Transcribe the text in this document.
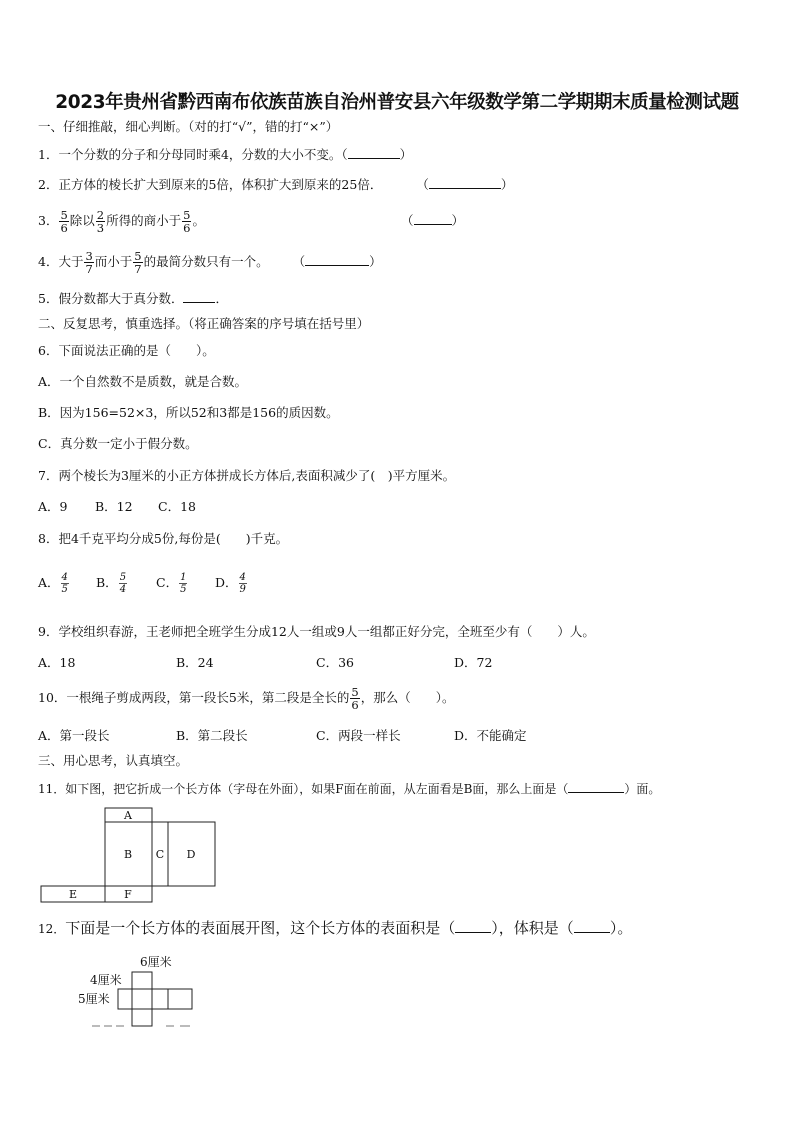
2023年贵州省黔西南布依族苗族自治州普安县六年级数学第二学期期末质量检测试题
一、仔细推敲，细心判断。（对的打“√”，错的打“×”）
1．一个分数的分子和分母同时乘4，分数的大小不变。（	）
2．正方体的棱长扩大到原来的5倍，体积扩大到原来的25倍．	（	）
3． $\frac{5}{6}$ 除以 $\frac{2}{3}$ 所得的商小于 $\frac{5}{6}$ 。	（	）
4．大于 $\frac{3}{7}$ 而小于 $\frac{5}{7}$ 的最简分数只有一个。 （	）
5．假分数都大于真分数．	．
二、反复思考，慎重选择。（将正确答案的序号填在括号里）
6．下面说法正确的是（　　）。
A．一个自然数不是质数，就是合数。
B．因为156=52×3，所以52和3都是156的质因数。
C．真分数一定小于假分数。
7．两个棱长为3厘米的小正方体拼成长方体后,表面积减少了(　)平方厘米。
A．9 B．12 C．18
8．把4千克平均分成5份,每份是(　　)千克。
A． $\frac{4}{5}$ B． $\frac{5}{4}$ C． $\frac{1}{5}$ D． $\frac{4}{9}$
9．学校组织春游，王老师把全班学生分成12人一组或9人一组都正好分完，全班至少有（　　）人。
A．18	B．24	C．36	D．72
10．一根绳子剪成两段，第一段长5米，第二段是全长的 $\frac{5}{6}$ ，那么（　　）。
A．第一段长	B．第二段长	C．两段一样长	D．不能确定
三、用心思考，认真填空。
11．如下图，把它折成一个长方体（字母在外面），如果F面在前面，从左面看是B面，那么上面是（	）面。
A
B C D
E	F
12．下面是一个长方体的表面展开图，这个长方体的表面积是（ ），体积是（ ）。
6厘米
4厘米
5厘米
